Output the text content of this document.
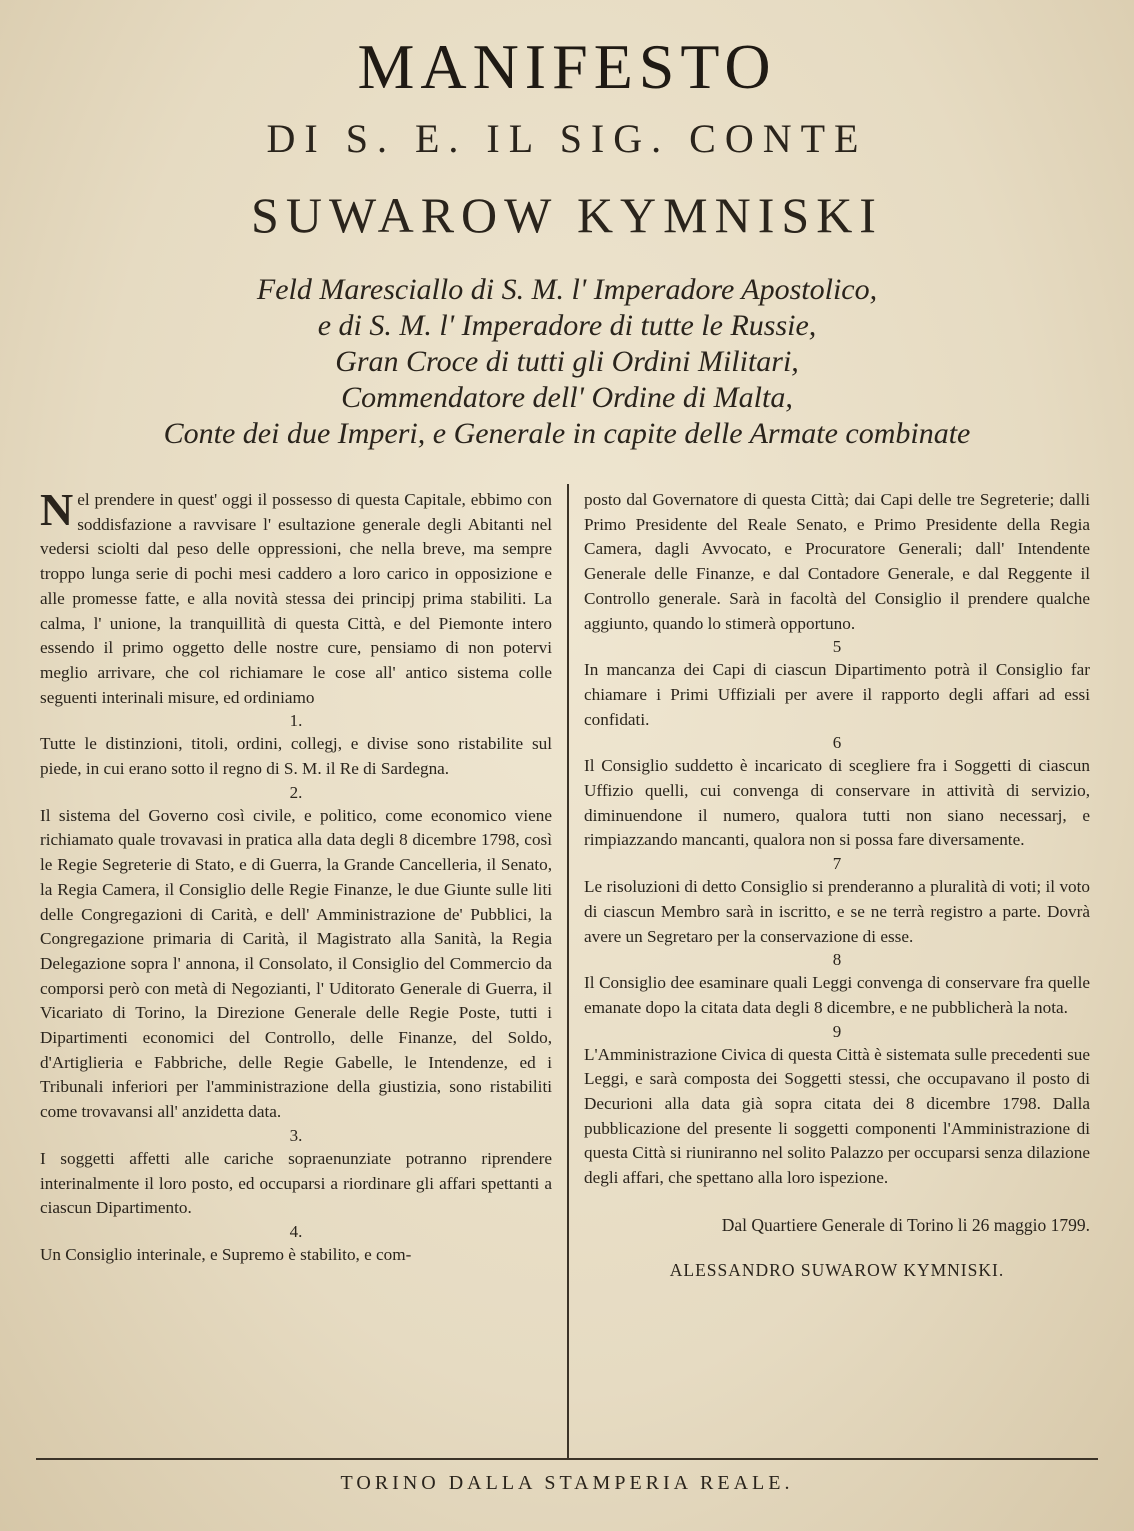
MANIFESTO
DI S. E. IL SIG. CONTE
SUWAROW KYMNISKI
Feld Maresciallo di S. M. l' Imperadore Apostolico,
e di S. M. l' Imperadore di tutte le Russie,
Gran Croce di tutti gli Ordini Militari,
Commendatore dell' Ordine di Malta,
Conte dei due Imperi, e Generale in capite delle Armate combinate

Nel prendere in quest' oggi il possesso di questa Capitale, ebbimo con soddisfazione a ravvisare l' esultazione generale degli Abitanti nel vedersi sciolti dal peso delle oppressioni, che nella breve, ma sempre troppo lunga serie di pochi mesi caddero a loro carico in opposizione e alle promesse fatte, e alla novità stessa dei principj prima stabiliti. La calma, l' unione, la tranquillità di questa Città, e del Piemonte intero essendo il primo oggetto delle nostre cure, pensiamo di non potervi meglio arrivare, che col richiamare le cose all' antico sistema colle seguenti interinali misure, ed ordiniamo

1.

Tutte le distinzioni, titoli, ordini, collegj, e divise sono ristabilite sul piede, in cui erano sotto il regno di S. M. il Re di Sardegna.

2.

Il sistema del Governo così civile, e politico, come economico viene richiamato quale trovavasi in pratica alla data degli 8 dicembre 1798, così le Regie Segreterie di Stato, e di Guerra, la Grande Cancelleria, il Senato, la Regia Camera, il Consiglio delle Regie Finanze, le due Giunte sulle liti delle Congregazioni di Carità, e dell' Amministrazione de' Pubblici, la Congregazione primaria di Carità, il Magistrato alla Sanità, la Regia Delegazione sopra l' annona, il Consolato, il Consiglio del Commercio da comporsi però con metà di Negozianti, l' Uditorato Generale di Guerra, il Vicariato di Torino, la Direzione Generale delle Regie Poste, tutti i Dipartimenti economici del Controllo, delle Finanze, del Soldo, d'Artiglieria e Fabbriche, delle Regie Gabelle, le Intendenze, ed i Tribunali inferiori per l'amministrazione della giustizia, sono ristabiliti come trovavansi all' anzidetta data.

3.

I soggetti affetti alle cariche sopraenunziate potranno riprendere interinalmente il loro posto, ed occuparsi a riordinare gli affari spettanti a ciascun Dipartimento.

4.

Un Consiglio interinale, e Supremo è stabilito, e com-

posto dal Governatore di questa Città; dai Capi delle tre Segreterie; dalli Primo Presidente del Reale Senato, e Primo Presidente della Regia Camera, dagli Avvocato, e Procuratore Generali; dall' Intendente Generale delle Finanze, e dal Contadore Generale, e dal Reggente il Controllo generale. Sarà in facoltà del Consiglio il prendere qualche aggiunto, quando lo stimerà opportuno.

5

In mancanza dei Capi di ciascun Dipartimento potrà il Consiglio far chiamare i Primi Uffiziali per avere il rapporto degli affari ad essi confidati.

6

Il Consiglio suddetto è incaricato di scegliere fra i Soggetti di ciascun Uffizio quelli, cui convenga di conservare in attività di servizio, diminuendone il numero, qualora tutti non siano necessarj, e rimpiazzando mancanti, qualora non si possa fare diversamente.

7

Le risoluzioni di detto Consiglio si prenderanno a pluralità di voti; il voto di ciascun Membro sarà in iscritto, e se ne terrà registro a parte. Dovrà avere un Segretaro per la conservazione di esse.

8

Il Consiglio dee esaminare quali Leggi convenga di conservare fra quelle emanate dopo la citata data degli 8 dicembre, e ne pubblicherà la nota.

9

L'Amministrazione Civica di questa Città è sistemata sulle precedenti sue Leggi, e sarà composta dei Soggetti stessi, che occupavano il posto di Decurioni alla data già sopra citata dei 8 dicembre 1798. Dalla pubblicazione del presente li soggetti componenti l'Amministrazione di questa Città si riuniranno nel solito Palazzo per occuparsi senza dilazione degli affari, che spettano alla loro ispezione.

Dal Quartiere Generale di Torino li 26 maggio 1799.

ALESSANDRO SUWAROW KYMNISKI.

TORINO DALLA STAMPERIA REALE.
